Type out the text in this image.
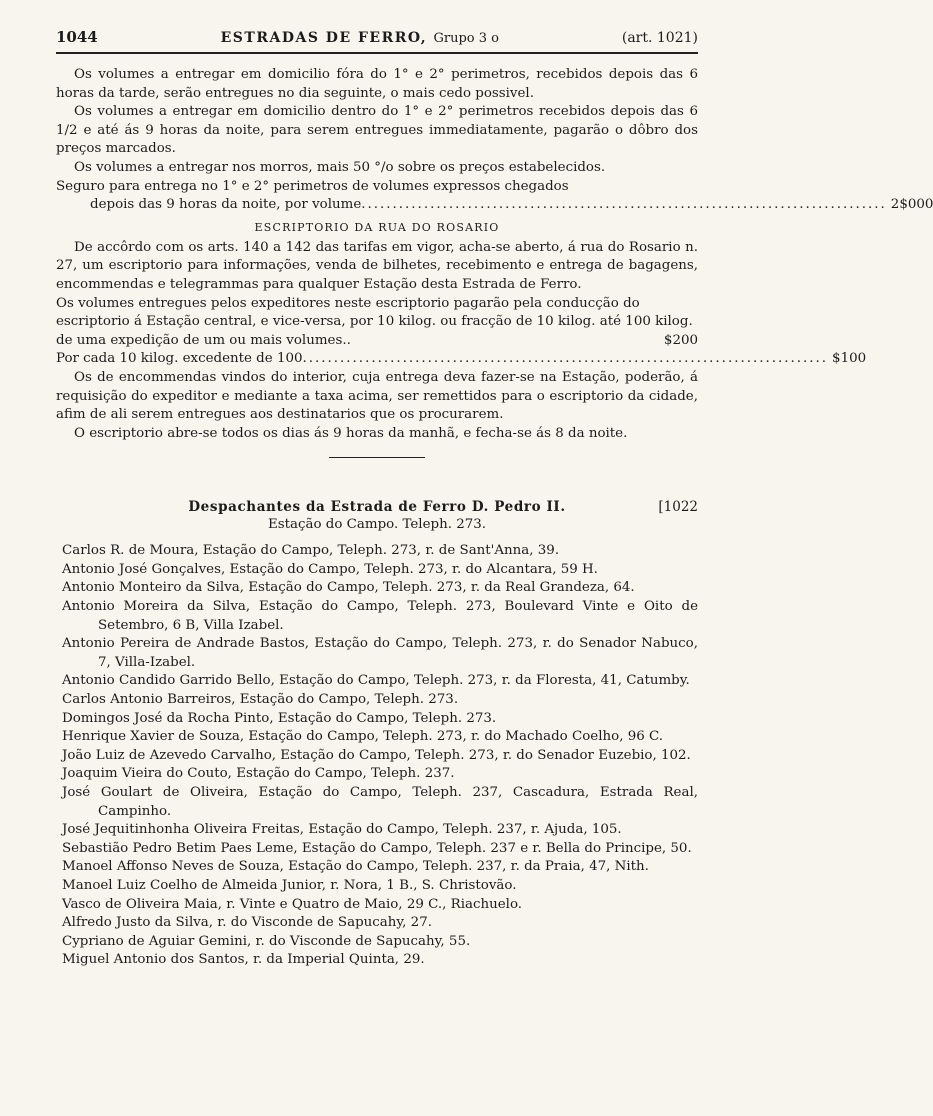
1044	ESTRADAS DE FERRO, Grupo 3 o	(art. 1021)

Os volumes a entregar em domicilio fóra do 1° e 2° perimetros, recebidos depois das 6 horas da tarde, serão entregues no dia seguinte, o mais cedo possivel.

Os volumes a entregar em domicilio dentro do 1° e 2° perimetros recebidos depois das 6 1/2 e até ás 9 horas da noite, para serem entregues immediatamente, pagarão o dôbro dos preços marcados.

Os volumes a entregar nos morros, mais 50 °/o sobre os preços estabelecidos.

Seguro para entrega no 1° e 2° perimetros de volumes expressos chegados

depois das 9 horas da noite, por volume .................................................................................... 2$000
ESCRIPTORIO DA RUA DO ROSARIO

De accôrdo com os arts. 140 a 142 das tarifas em vigor, acha-se aberto, á rua do Rosario n. 27, um escriptorio para informações, venda de bilhetes, recebimento e entrega de bagagens, encommendas e telegrammas para qualquer Estação desta Estrada de Ferro.

Os volumes entregues pelos expeditores neste escriptorio pagarão pela conducção do escriptorio á Estação central, e vice-versa, por 10 kilog. ou fracção de 10 kilog. até 100 kilog. de uma expedição de um ou mais volumes..	$200
Por cada 10 kilog. excedente de 100 .................................................................................... $100

Os de encommendas vindos do interior, cuja entrega deva fazer-se na Estação, poderão, á requisição do expeditor e mediante a taxa acima, ser remettidos para o escriptorio da cidade, afim de ali serem entregues aos destinatarios que os procurarem.

O escriptorio abre-se todos os dias ás 9 horas da manhã, e fecha-se ás 8 da noite.

Despachantes da Estrada de Ferro D. Pedro II.	[1022
Estação do Campo. Teleph. 273.
Carlos R. de Moura, Estação do Campo, Teleph. 273, r. de Sant'Anna, 39.
Antonio José Gonçalves, Estação do Campo, Teleph. 273, r. do Alcantara, 59 H.
Antonio Monteiro da Silva, Estação do Campo, Teleph. 273, r. da Real Grandeza, 64.
Antonio Moreira da Silva, Estação do Campo, Teleph. 273, Boulevard Vinte e Oito de Setembro, 6 B, Villa Izabel.
Antonio Pereira de Andrade Bastos, Estação do Campo, Teleph. 273, r. do Senador Nabuco, 7, Villa-Izabel.
Antonio Candido Garrido Bello, Estação do Campo, Teleph. 273, r. da Floresta, 41, Catumby.
Carlos Antonio Barreiros, Estação do Campo, Teleph. 273.
Domingos José da Rocha Pinto, Estação do Campo, Teleph. 273.
Henrique Xavier de Souza, Estação do Campo, Teleph. 273, r. do Machado Coelho, 96 C.
João Luiz de Azevedo Carvalho, Estação do Campo, Teleph. 273, r. do Senador Euzebio, 102.
Joaquim Vieira do Couto, Estação do Campo, Teleph. 237.
José Goulart de Oliveira, Estação do Campo, Teleph. 237, Cascadura, Estrada Real, Campinho.
José Jequitinhonha Oliveira Freitas, Estação do Campo, Teleph. 237, r. Ajuda, 105.
Sebastião Pedro Betim Paes Leme, Estação do Campo, Teleph. 237 e r. Bella do Principe, 50.
Manoel Affonso Neves de Souza, Estação do Campo, Teleph. 237, r. da Praia, 47, Nith.
Manoel Luiz Coelho de Almeida Junior, r. Nora, 1 B., S. Christovão.
Vasco de Oliveira Maia, r. Vinte e Quatro de Maio, 29 C., Riachuelo.
Alfredo Justo da Silva, r. do Visconde de Sapucahy, 27.
Cypriano de Aguiar Gemini, r. do Visconde de Sapucahy, 55.
Miguel Antonio dos Santos, r. da Imperial Quinta, 29.
